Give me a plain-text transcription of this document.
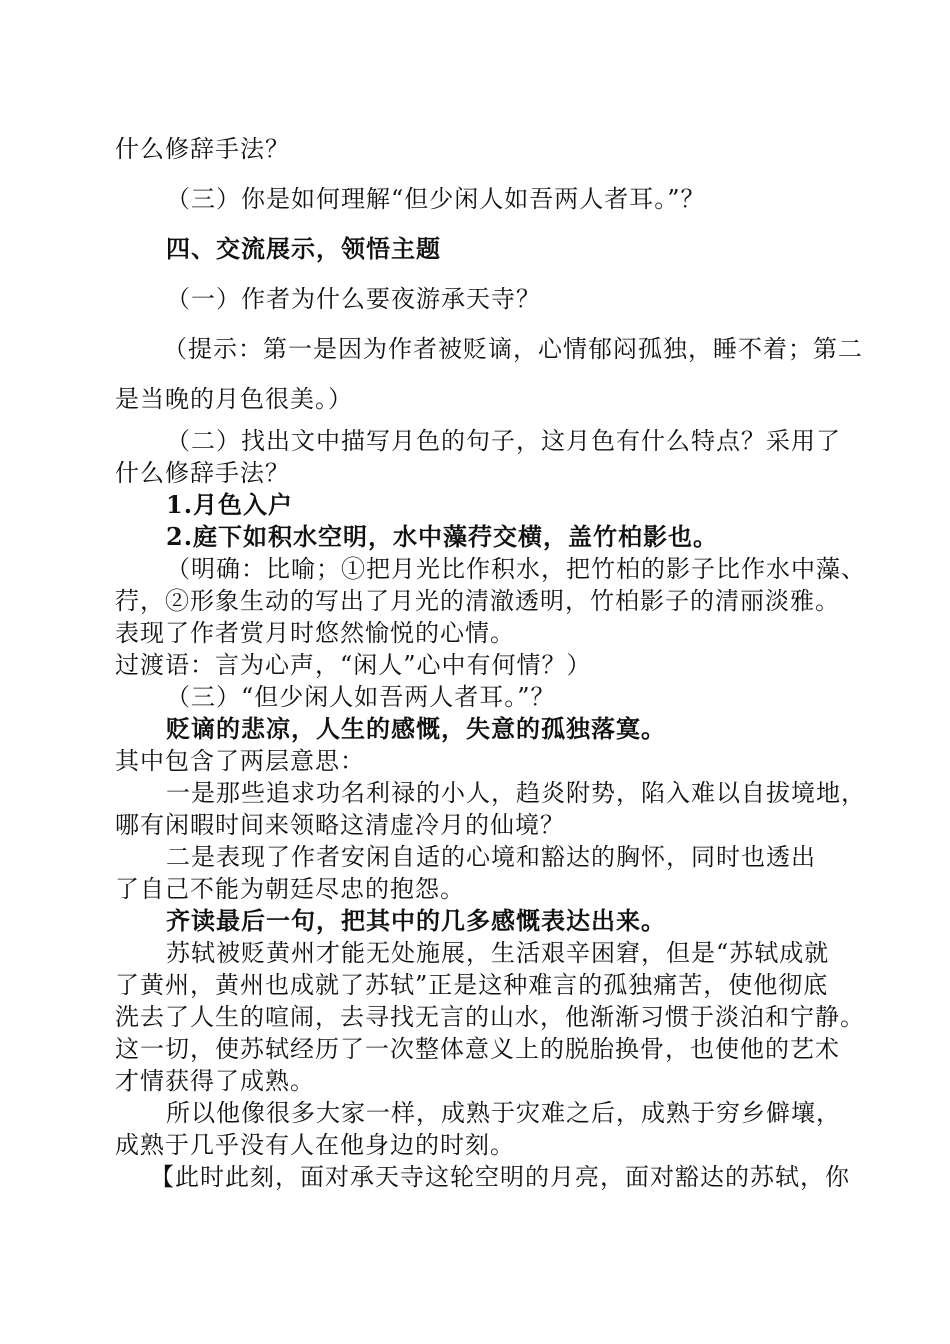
什么修辞手法？
（三）你是如何理解“但少闲人如吾两人者耳。”？
四、交流展示，领悟主题
（一）作者为什么要夜游承天寺？
（提示：第一是因为作者被贬谪，心情郁闷孤独，睡不着；第二
是当晚的月色很美。）
（二）找出文中描写月色的句子，这月色有什么特点？采用了
什么修辞手法？
1.月色入户
2.庭下如积水空明，水中藻荇交横，盖竹柏影也。
（明确：比喻；①把月光比作积水，把竹柏的影子比作水中藻、
荇，②形象生动的写出了月光的清澈透明，竹柏影子的清丽淡雅。
表现了作者赏月时悠然愉悦的心情。
过渡语：言为心声，“闲人”心中有何情？）
（三）“但少闲人如吾两人者耳。”？
贬谪的悲凉，人生的感慨，失意的孤独落寞。
其中包含了两层意思：
一是那些追求功名利禄的小人，趋炎附势，陷入难以自拔境地，
哪有闲暇时间来领略这清虚冷月的仙境？
二是表现了作者安闲自适的心境和豁达的胸怀，同时也透出
了自己不能为朝廷尽忠的抱怨。
齐读最后一句，把其中的几多感慨表达出来。
苏轼被贬黄州才能无处施展，生活艰辛困窘，但是“苏轼成就
了黄州，黄州也成就了苏轼”正是这种难言的孤独痛苦，使他彻底
洗去了人生的喧闹，去寻找无言的山水，他渐渐习惯于淡泊和宁静。
这一切，使苏轼经历了一次整体意义上的脱胎换骨，也使他的艺术
才情获得了成熟。
所以他像很多大家一样，成熟于灾难之后，成熟于穷乡僻壤，
成熟于几乎没有人在他身边的时刻。
【此时此刻，面对承天寺这轮空明的月亮，面对豁达的苏轼，你
